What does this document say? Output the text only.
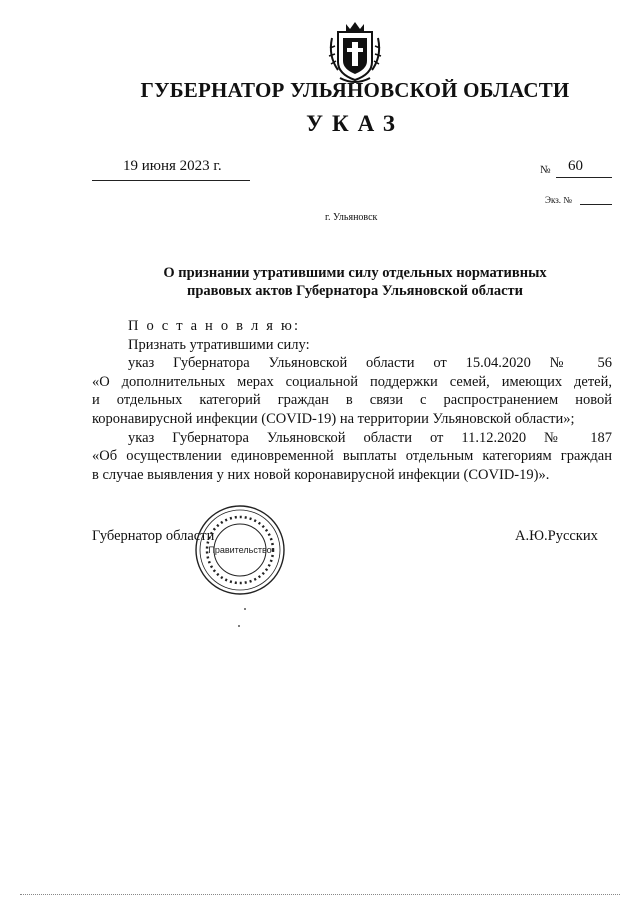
ГУБЕРНАТОР УЛЬЯНОВСКОЙ ОБЛАСТИ
УКАЗ
19 июня 2023 г.	№ 60
Экз. №
г. Ульяновск
О признании утратившими силу отдельных нормативных
правовых актов Губернатора Ульяновской области

П о с т а н о в л я ю:

Признать утратившими силу:

указ Губернатора Ульяновской области от 15.04.2020 № 56

«О дополнительных мерах социальной поддержки семей, имеющих детей,

и отдельных категорий граждан в связи с распространением новой

коронавирусной инфекции (COVID-19) на территории Ульяновской области»;

указ Губернатора Ульяновской области от 11.12.2020 № 187

«Об осуществлении единовременной выплаты отдельным категориям граждан

в случае выявления у них новой коронавирусной инфекции (COVID-19)».

Губернатор области	А.Ю.Русских
Правительство
